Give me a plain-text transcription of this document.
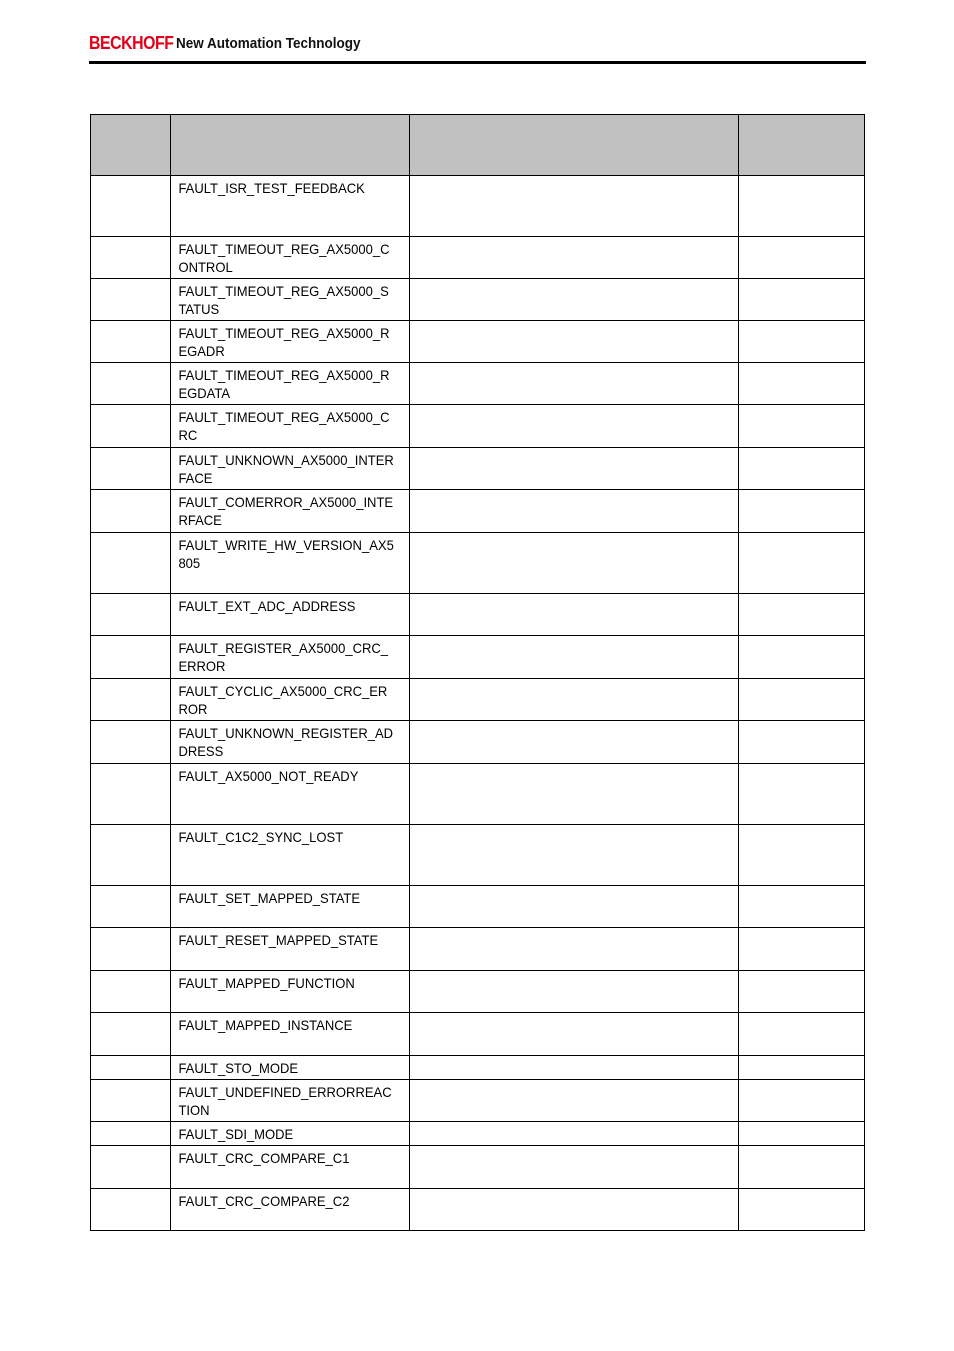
BECKHOFF New Automation Technology

	FAULT_ISR_TEST_FEEDBACK		

	FAULT_TIMEOUT_REG_AX5000_C
ONTROL		

	FAULT_TIMEOUT_REG_AX5000_S
TATUS		

	FAULT_TIMEOUT_REG_AX5000_R
EGADR		

	FAULT_TIMEOUT_REG_AX5000_R
EGDATA		

	FAULT_TIMEOUT_REG_AX5000_C
RC		

	FAULT_UNKNOWN_AX5000_INTER
FACE		

	FAULT_COMERROR_AX5000_INTE
RFACE		

	FAULT_WRITE_HW_VERSION_AX5
805		

	FAULT_EXT_ADC_ADDRESS		

	FAULT_REGISTER_AX5000_CRC_
ERROR		

	FAULT_CYCLIC_AX5000_CRC_ER
ROR		

	FAULT_UNKNOWN_REGISTER_AD
DRESS		

	FAULT_AX5000_NOT_READY		

	FAULT_C1C2_SYNC_LOST		

	FAULT_SET_MAPPED_STATE		

	FAULT_RESET_MAPPED_STATE		

	FAULT_MAPPED_FUNCTION		

	FAULT_MAPPED_INSTANCE		

	FAULT_STO_MODE		

	FAULT_UNDEFINED_ERRORREAC
TION		

	FAULT_SDI_MODE		

	FAULT_CRC_COMPARE_C1		

	FAULT_CRC_COMPARE_C2		
